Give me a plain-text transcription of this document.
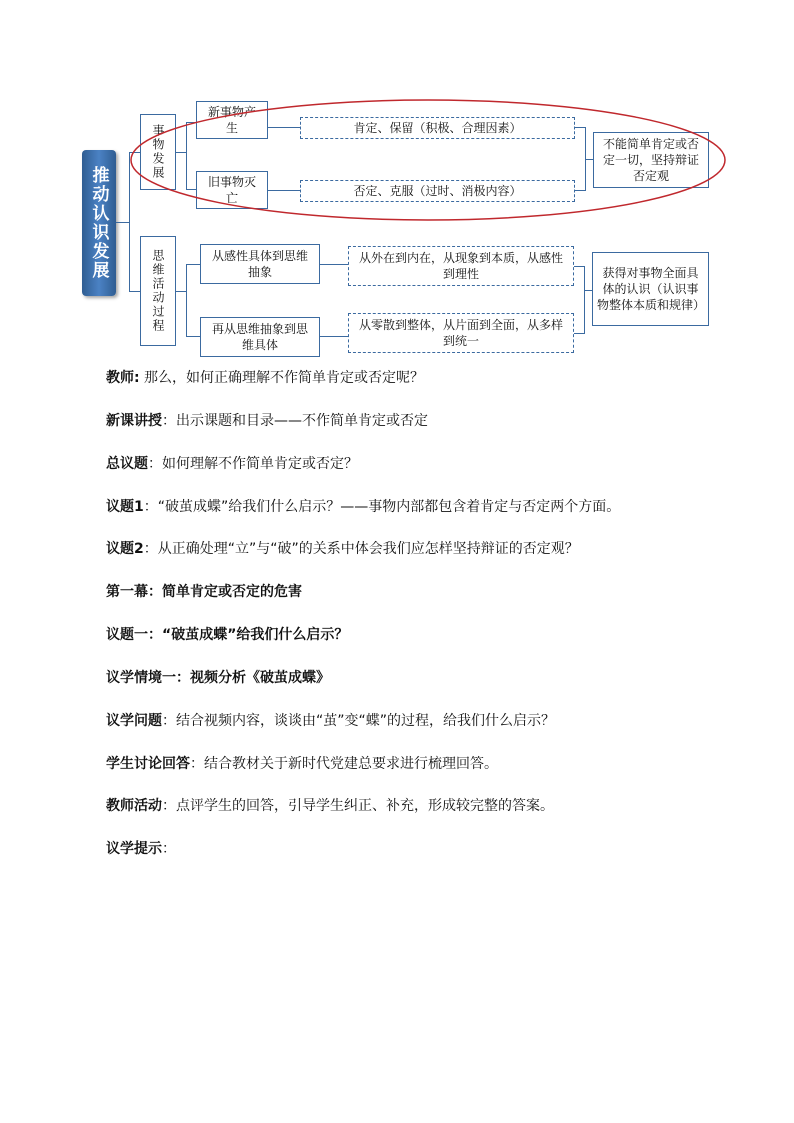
推动认识发展
事物发展
新事物产生
旧事物灭亡
肯定、保留（积极、合理因素）
否定、克服（过时、消极内容）
不能简单肯定或否定一切，坚持辩证否定观
思维活动过程	从感性具体到思维抽象
再从思维抽象到思维具体
从外在到内在，从现象到本质，从感性到理性
从零散到整体，从片面到全面，从多样到统一
获得对事物全面具体的认识（认识事物整体本质和规律）
教师: 那么，如何正确理解不作简单肯定或否定呢？
新课讲授：出示课题和目录——不作简单肯定或否定
总议题：如何理解不作简单肯定或否定？
议题1：“破茧成蝶”给我们什么启示？——事物内部都包含着肯定与否定两个方面。
议题2：从正确处理“立”与“破”的关系中体会我们应怎样坚持辩证的否定观？
第一幕：简单肯定或否定的危害
议题一：“破茧成蝶”给我们什么启示？
议学情境一：视频分析《破茧成蝶》
议学问题：结合视频内容，谈谈由“茧”变“蝶”的过程，给我们什么启示？
学生讨论回答：结合教材关于新时代党建总要求进行梳理回答。
教师活动：点评学生的回答，引导学生纠正、补充，形成较完整的答案。
议学提示：
